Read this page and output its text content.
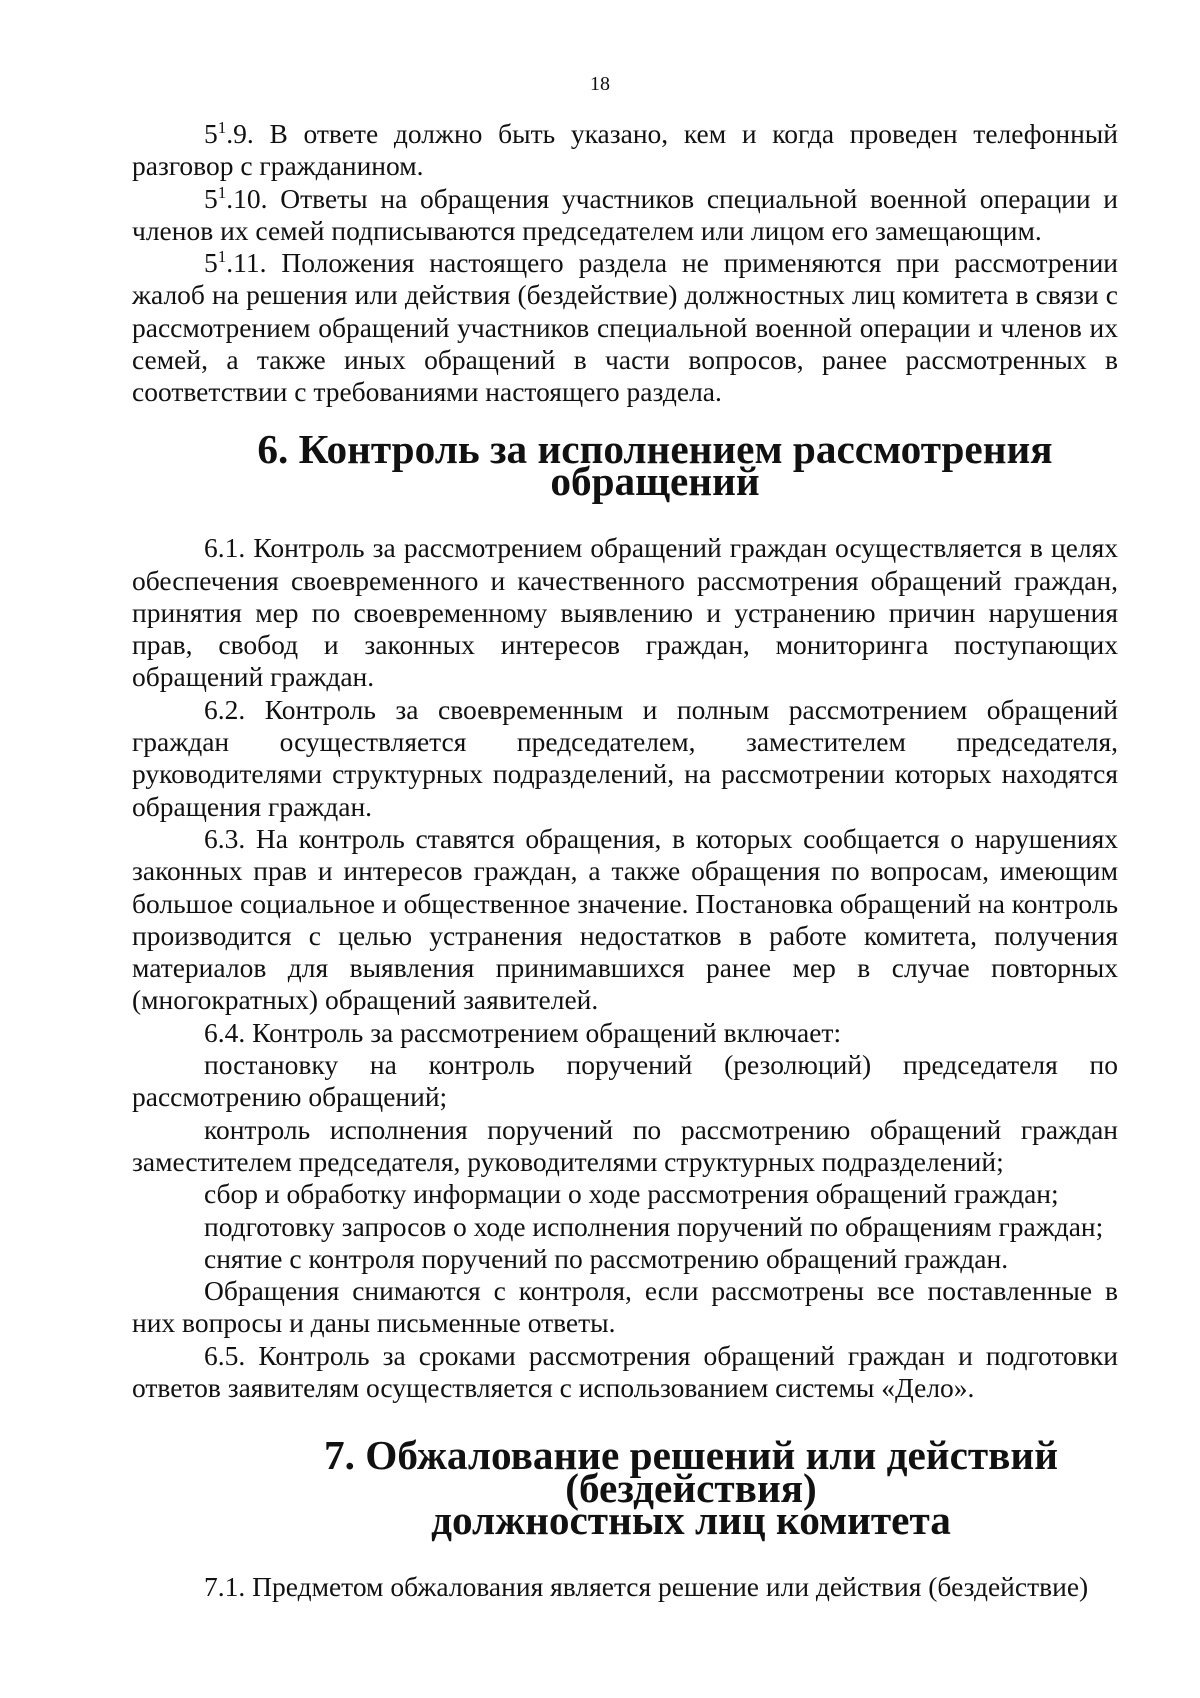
18

$5^1.9$. В ответе должно быть указано, кем и когда проведен телефонный разговор с гражданином.

$5^1.10$. Ответы на обращения участников специальной военной операции и членов их семей подписываются председателем или лицом его замещающим.

$5^1.11$. Положения настоящего раздела не применяются при рассмотрении жалоб на решения или действия (бездействие) должностных лиц комитета в связи с рассмотрением обращений участников специальной военной операции и членов их семей, а также иных обращений в части вопросов, ранее рассмотренных в соответствии с требованиями настоящего раздела.

6. Контроль за исполнением рассмотрения обращений

6.1. Контроль за рассмотрением обращений граждан осуществляется в целях обеспечения своевременного и качественного рассмотрения обращений граждан, принятия мер по своевременному выявлению и устранению причин нарушения прав, свобод и законных интересов граждан, мониторинга поступающих обращений граждан.

6.2. Контроль за своевременным и полным рассмотрением обращений граждан осуществляется председателем, заместителем председателя, руководителями структурных подразделений, на рассмотрении которых находятся обращения граждан.

6.3. На контроль ставятся обращения, в которых сообщается о нарушениях законных прав и интересов граждан, а также обращения по вопросам, имеющим большое социальное и общественное значение. Постановка обращений на контроль производится с целью устранения недостатков в работе комитета, получения материалов для выявления принимавшихся ранее мер в случае повторных (многократных) обращений заявителей.

6.4. Контроль за рассмотрением обращений включает:

постановку на контроль поручений (резолюций) председателя по рассмотрению обращений;

контроль исполнения поручений по рассмотрению обращений граждан заместителем председателя, руководителями структурных подразделений;

сбор и обработку информации о ходе рассмотрения обращений граждан;

подготовку запросов о ходе исполнения поручений по обращениям граждан;

снятие с контроля поручений по рассмотрению обращений граждан.

Обращения снимаются с контроля, если рассмотрены все поставленные в них вопросы и даны письменные ответы.

6.5. Контроль за сроками рассмотрения обращений граждан и подготовки ответов заявителям осуществляется с использованием системы «Дело».

7. Обжалование решений или действий (бездействия)
должностных лиц комитета

7.1. Предметом обжалования является решение или действия (бездействие)
